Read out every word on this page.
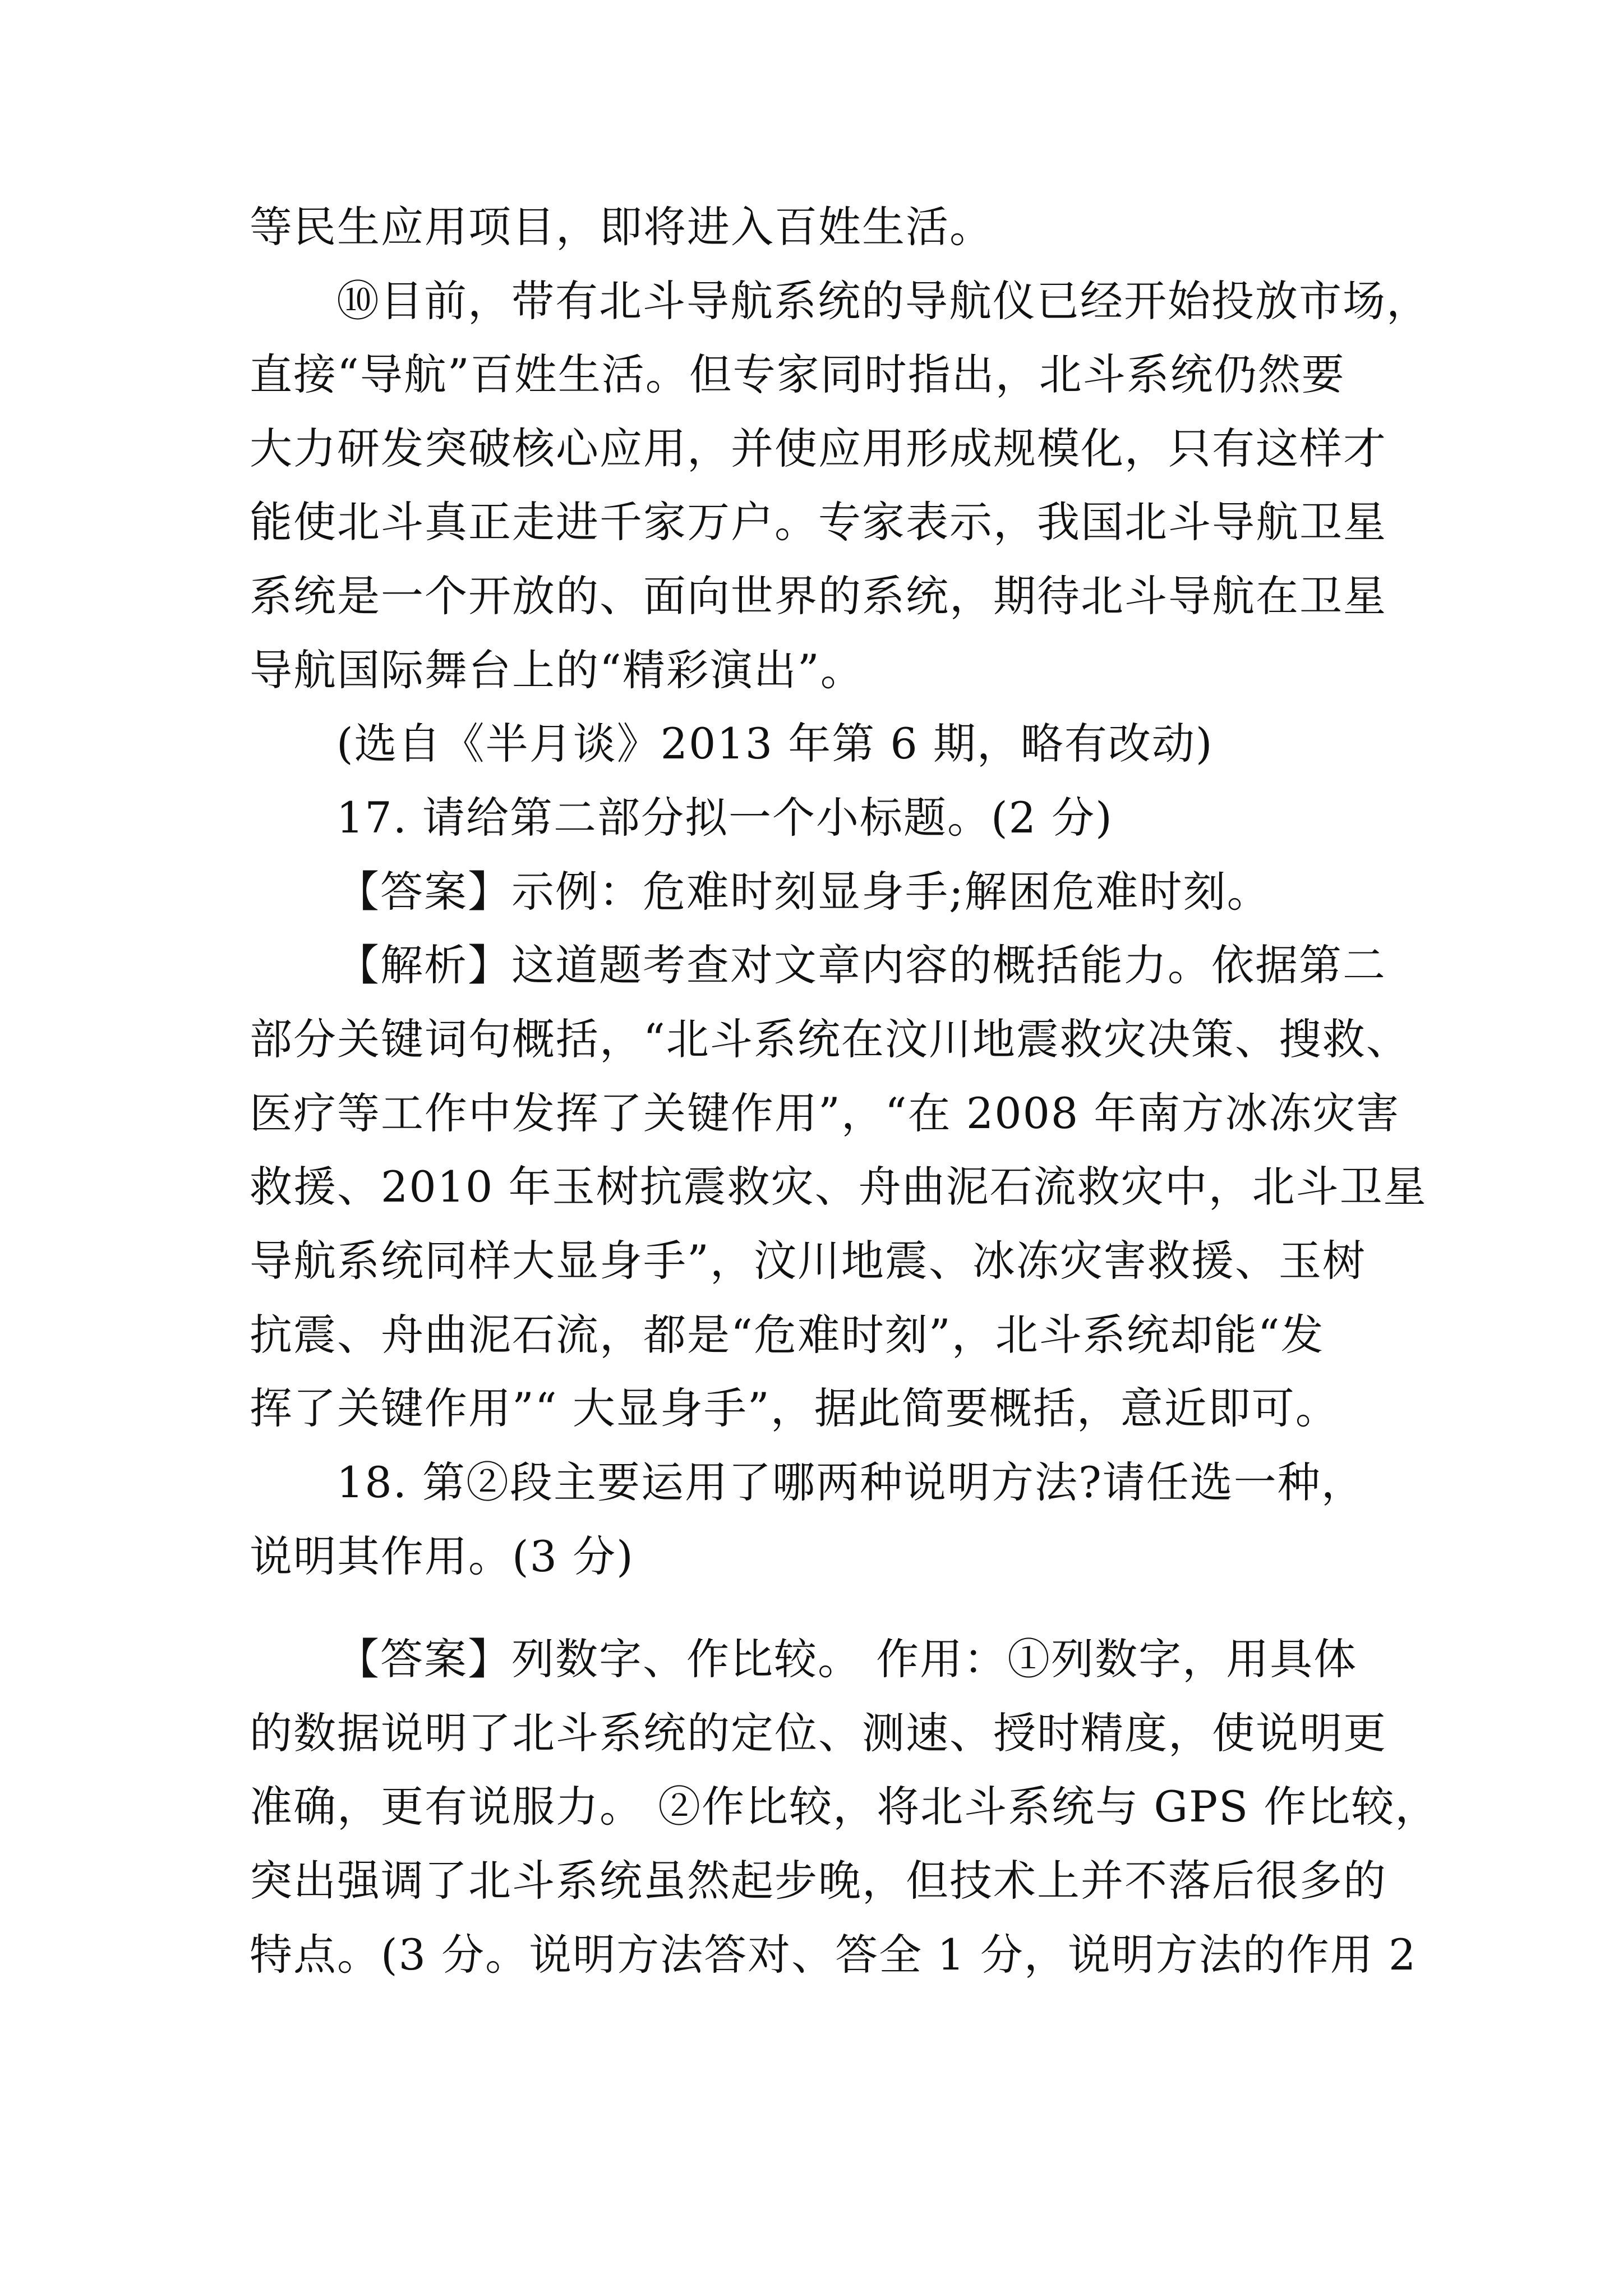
等民生应用项目，即将进入百姓生活。
⑩目前，带有北斗导航系统的导航仪已经开始投放市场，
直接“导航”百姓生活。但专家同时指出，北斗系统仍然要
大力研发突破核心应用，并使应用形成规模化，只有这样才
能使北斗真正走进千家万户。专家表示，我国北斗导航卫星
系统是一个开放的、面向世界的系统，期待北斗导航在卫星
导航国际舞台上的“精彩演出”。
(选自《半月谈》2013 年第 6 期，略有改动)
17. 请给第二部分拟一个小标题。(2 分)
【答案】示例：危难时刻显身手;解困危难时刻。
【解析】这道题考查对文章内容的概括能力。依据第二
部分关键词句概括，“北斗系统在汶川地震救灾决策、搜救、
医疗等工作中发挥了关键作用”，“在 2008 年南方冰冻灾害
救援、2010 年玉树抗震救灾、舟曲泥石流救灾中，北斗卫星
导航系统同样大显身手”，汶川地震、冰冻灾害救援、玉树
抗震、舟曲泥石流，都是“危难时刻”，北斗系统却能“发
挥了关键作用”“ 大显身手”，据此简要概括，意近即可。
18. 第②段主要运用了哪两种说明方法?请任选一种，
说明其作用。(3 分)
【答案】列数字、作比较。 作用：①列数字，用具体
的数据说明了北斗系统的定位、测速、授时精度，使说明更
准确，更有说服力。 ②作比较，将北斗系统与 GPS 作比较，
突出强调了北斗系统虽然起步晚，但技术上并不落后很多的
特点。(3 分。说明方法答对、答全 1 分，说明方法的作用 2
